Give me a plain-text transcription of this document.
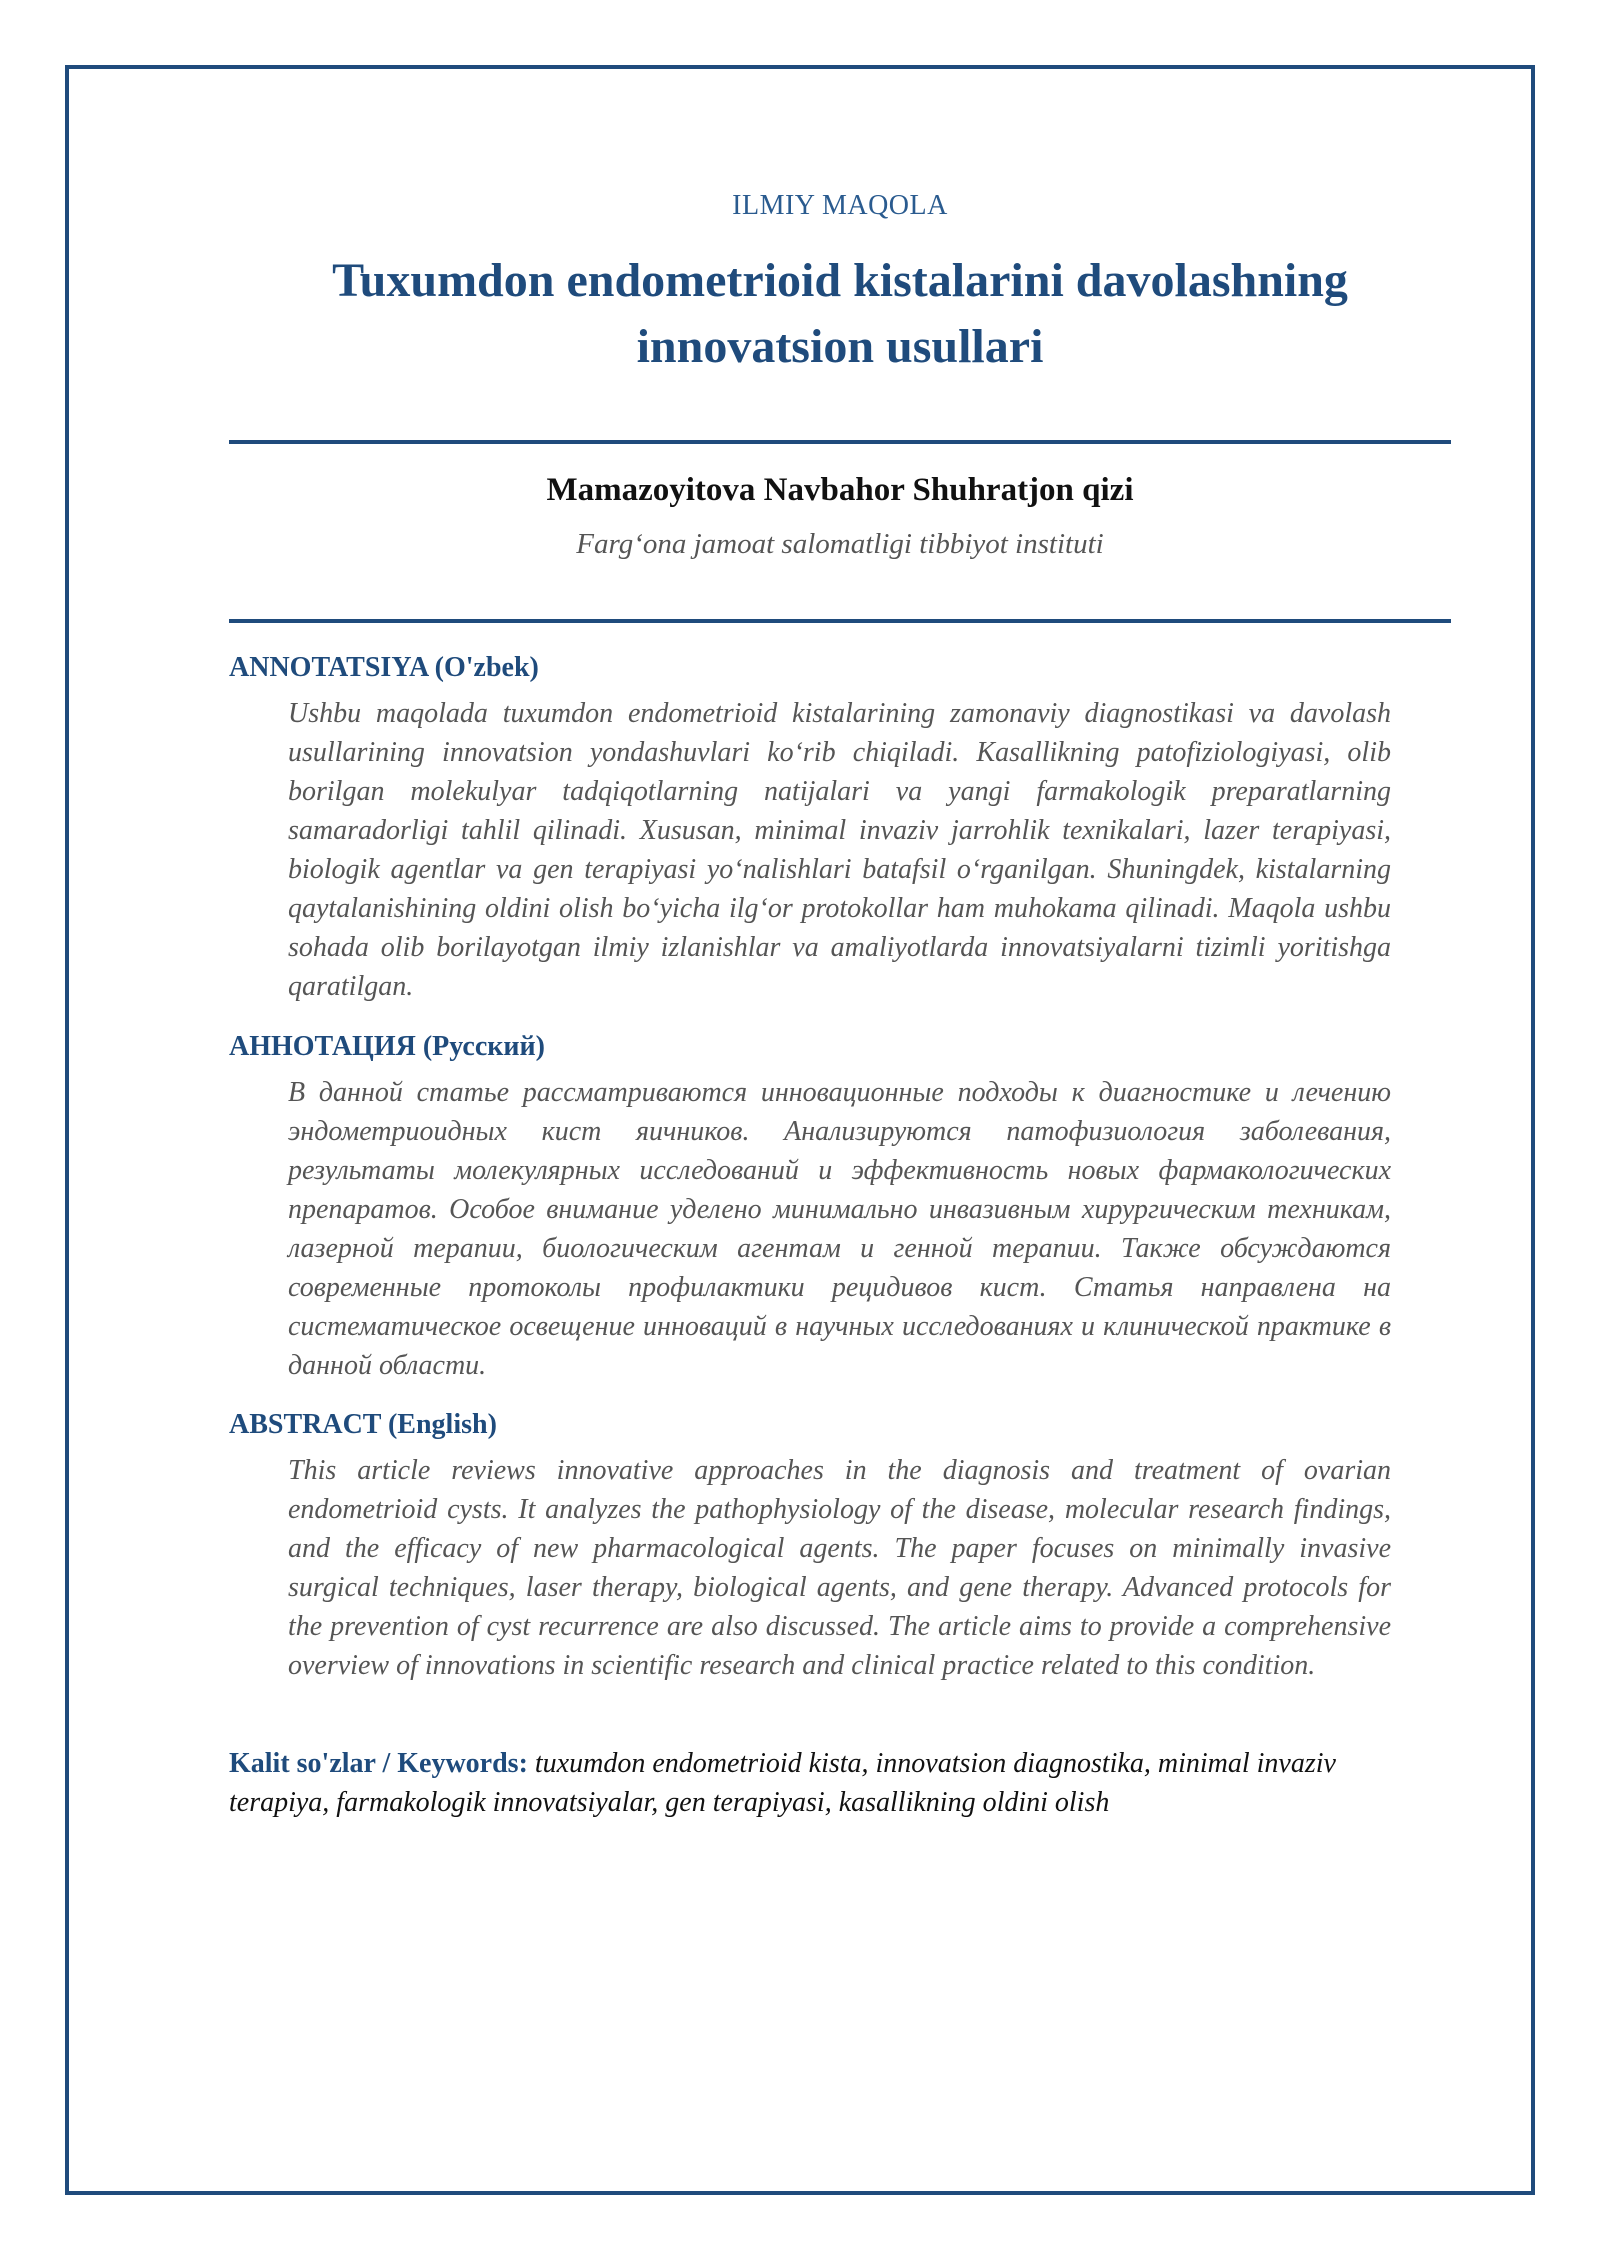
ILMIY MAQOLA
Tuxumdon endometrioid kistalarini davolashning
innovatsion usullari
Mamazoyitova Navbahor Shuhratjon qizi
Farg‘ona jamoat salomatligi tibbiyot instituti
ANNOTATSIYA (O'zbek)

Ushbu maqolada tuxumdon endometrioid kistalarining zamonaviy diagnostikasi va davolash usullarining innovatsion yondashuvlari ko‘rib chiqiladi. Kasallikning patofiziologiyasi, olib borilgan molekulyar tadqiqotlarning natijalari va yangi farmakologik preparatlarning samaradorligi tahlil qilinadi. Xususan, minimal invaziv jarrohlik texnikalari, lazer terapiyasi, biologik agentlar va gen terapiyasi yo‘nalishlari batafsil o‘rganilgan. Shuningdek, kistalarning qaytalanishining oldini olish bo‘yicha ilg‘or protokollar ham muhokama qilinadi. Maqola ushbu sohada olib borilayotgan ilmiy izlanishlar va amaliyotlarda innovatsiyalarni tizimli yoritishga qaratilgan.

АННОТАЦИЯ (Русский)

В данной статье рассматриваются инновационные подходы к диагностике и лечению эндометриоидных кист яичников. Анализируются патофизиология заболевания, результаты молекулярных исследований и эффективность новых фармакологических препаратов. Особое внимание уделено минимально инвазивным хирургическим техникам, лазерной терапии, биологическим агентам и генной терапии. Также обсуждаются современные протоколы профилактики рецидивов кист. Статья направлена на систематическое освещение инноваций в научных исследованиях и клинической практике в данной области.

ABSTRACT (English)

This article reviews innovative approaches in the diagnosis and treatment of ovarian endometrioid cysts. It analyzes the pathophysiology of the disease, molecular research findings, and the efficacy of new pharmacological agents. The paper focuses on minimally invasive surgical techniques, laser therapy, biological agents, and gene therapy. Advanced protocols for the prevention of cyst recurrence are also discussed. The article aims to provide a comprehensive overview of innovations in scientific research and clinical practice related to this condition.

Kalit so'zlar / Keywords: tuxumdon endometrioid kista, innovatsion diagnostika, minimal invaziv terapiya, farmakologik innovatsiyalar, gen terapiyasi, kasallikning oldini olish
